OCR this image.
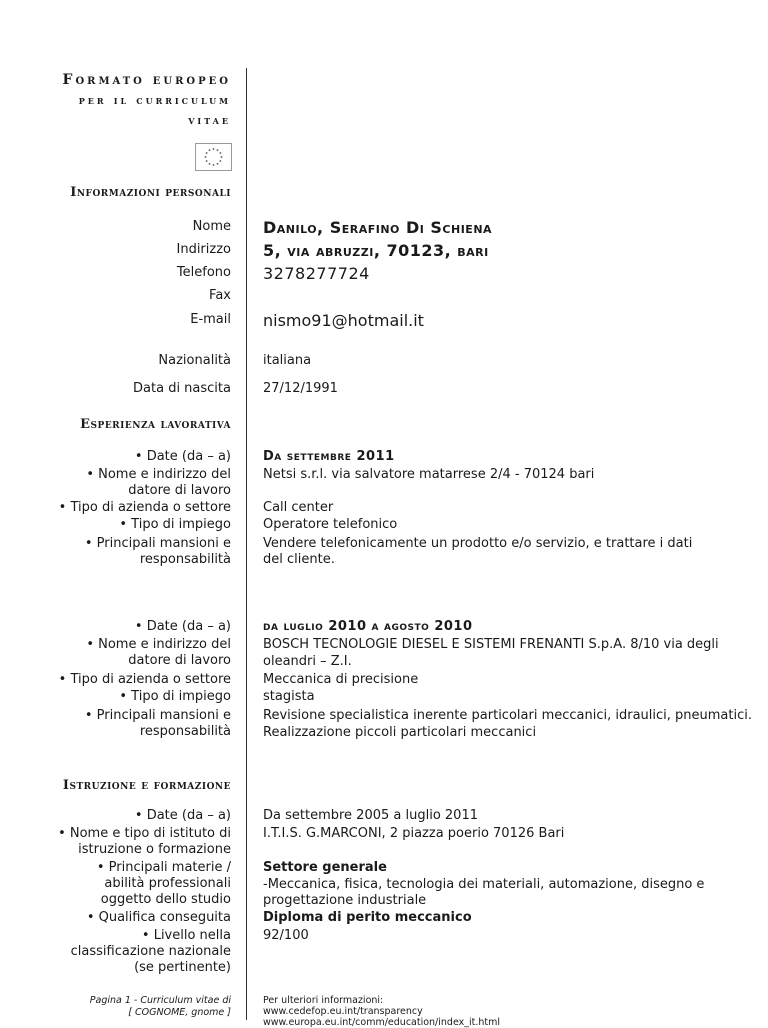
Formato europeo
per il curriculum
vitae
Informazioni personali
Nome Danilo, Serafino Di Schiena
Indirizzo 5, via abruzzi, 70123, bari
Telefono 3278277724
Fax
E-mail nismo91@hotmail.it
Nazionalità italiana
Data di nascita 27/12/1991
Esperienza lavorativa
• Date (da – a) Da settembre 2011
• Nome e indirizzo del
datore di lavoro
Netsi s.r.l. via salvatore matarrese 2/4 - 70124 bari
• Tipo di azienda o settore Call center
• Tipo di impiego Operatore telefonico
• Principali mansioni e
responsabilità
Vendere telefonicamente un prodotto e/o servizio, e trattare i dati
del cliente.
• Date (da – a) da luglio 2010 a agosto 2010
• Nome e indirizzo del
datore di lavoro
BOSCH TECNOLOGIE DIESEL E SISTEMI FRENANTI S.p.A. 8/10 via degli
oleandri – Z.I.
• Tipo di azienda o settore Meccanica di precisione
• Tipo di impiego stagista
• Principali mansioni e
responsabilità
Revisione specialistica inerente particolari meccanici, idraulici, pneumatici.
Realizzazione piccoli particolari meccanici
Istruzione e formazione
• Date (da – a) Da settembre 2005 a luglio 2011
• Nome e tipo di istituto di
istruzione o formazione
I.T.I.S. G.MARCONI, 2 piazza poerio 70126 Bari
• Principali materie /
abilità professionali
oggetto dello studio
Settore generale
-Meccanica, fisica, tecnologia dei materiali, automazione, disegno e
progettazione industriale
• Qualifica conseguita Diploma di perito meccanico
• Livello nella
classificazione nazionale
(se pertinente)
92/100
Pagina 1 - Curriculum vitae di
[ COGNOME, gnome ]
Per ulteriori informazioni:
www.cedefop.eu.int/transparency
www.europa.eu.int/comm/education/index_it.html
